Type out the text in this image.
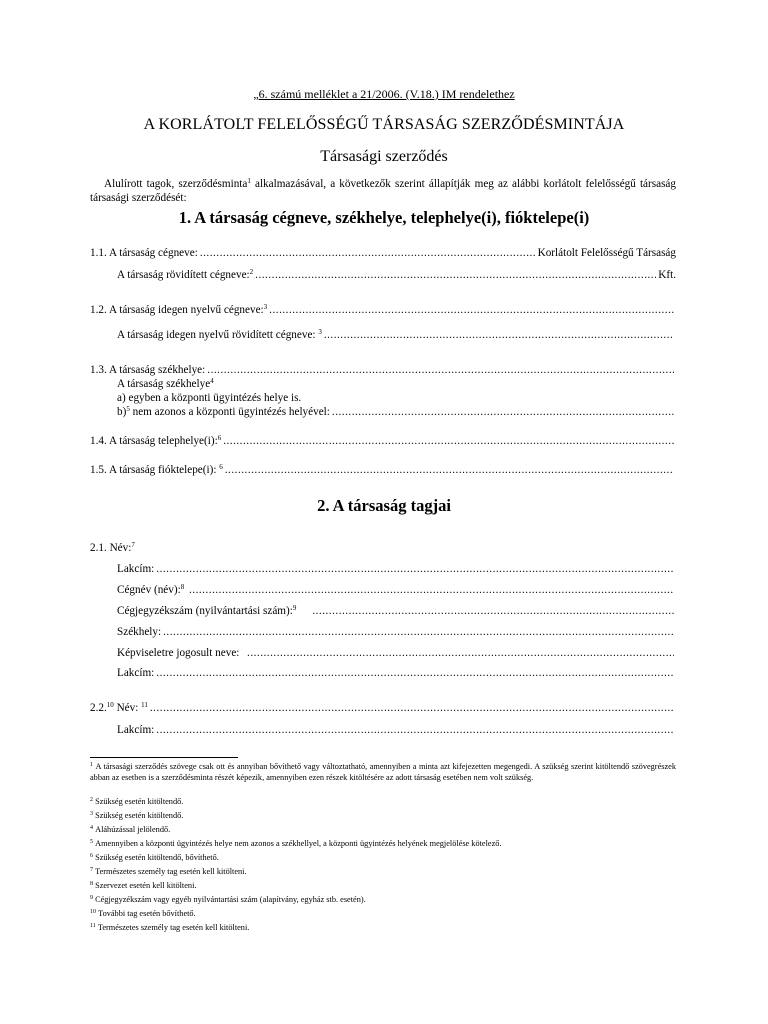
„6. számú melléklet a 21/2006. (V.18.) IM rendelethez
A KORLÁTOLT FELELŐSSÉGŰ TÁRSASÁG SZERZŐDÉSMINTÁJA
Társasági szerződés
Alulírott tagok, szerződésminta$^1$ alkalmazásával, a következők szerint állapítják meg az alábbi korlátolt felelősségű társaság társasági szerződését:
1. A társaság cégneve, székhelye, telephelye(i), fióktelepe(i)
1.1. A társaság cégneve: .....	Korlátolt Felelősségű Társaság
A társaság rövidített cégneve:$^2$ .....	Kft.
1.2. A társaság idegen nyelvű cégneve:$^3$
.....
A társaság idegen nyelvű rövidített cégneve: $^3$
.....
1.3. A társaság székhelye:
.....
A társaság székhelye$^4$
a) egyben a központi ügyintézés helye is.
b)$^5$ nem azonos a központi ügyintézés helyével:
.....
1.4. A társaság telephelye(i):$^6$
.....
1.5. A társaság fióktelepe(i): $^6$
.....
2. A társaság tagjai
2.1. Név:$^7$
Lakcím:
.....
Cégnév (név):$^8$
.....
Cégjegyzékszám (nyilvántartási szám):$^9$
.....
Székhely:
.....
Képviseletre jogosult neve:
.....
Lakcím:
.....
2.2.10 Név: $^{11}$
.....
Lakcím:
.....
$^1$ A társasági szerződés szövege csak ott és annyiban bővíthető vagy változtatható, amennyiben a minta azt kifejezetten megengedi. A szükség szerint kitöltendő szövegrészek abban az esetben is a szerződésminta részét képezik, amennyiben ezen részek kitöltésére az adott társaság esetében nem volt szükség.
$^2$ Szükség esetén kitöltendő.
$^3$ Szükség esetén kitöltendő.
$^4$ Aláhúzással jelölendő.
$^5$ Amennyiben a központi ügyintézés helye nem azonos a székhellyel, a központi ügyintézés helyének megjelölése kötelező.
$^6$ Szükség esetén kitöltendő, bővíthető.
$^7$ Természetes személy tag esetén kell kitölteni.
$^8$ Szervezet esetén kell kitölteni.
$^9$ Cégjegyzékszám vagy egyéb nyilvántartási szám (alapítvány, egyház stb. esetén).
$^{10}$ További tag esetén bővíthető.
$^{11}$ Természetes személy tag esetén kell kitölteni.
